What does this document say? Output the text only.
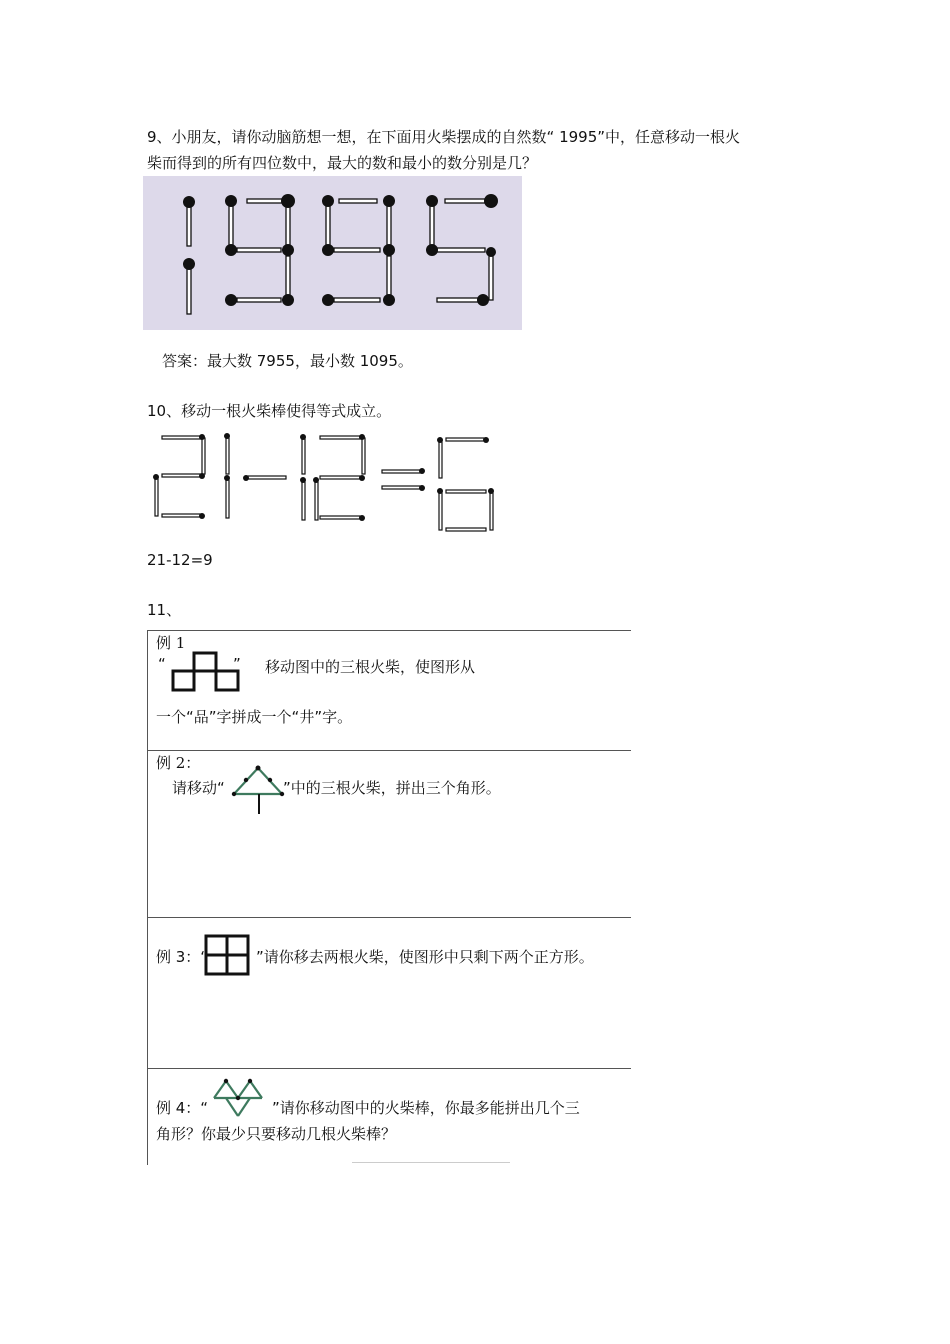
9、小朋友，请你动脑筋想一想，在下面用火柴摆成的自然数“ 1995”中，任意移动一根火
柴而得到的所有四位数中，最大的数和最小的数分别是几？
答案：最大数 7955，最小数 1095。
10、移动一根火柴棒使得等式成立。
21-12=9
11、
例 1
“	” 移动图中的三根火柴，使图形从
一个“品”字拼成一个“井”字。
例 2：
请移动“	”中的三根火柴，拼出三个角形。
例 3：“	”请你移去两根火柴，使图形中只剩下两个正方形。
例 4：“	”请你移动图中的火柴棒，你最多能拼出几个三
角形？你最少只要移动几根火柴棒？
